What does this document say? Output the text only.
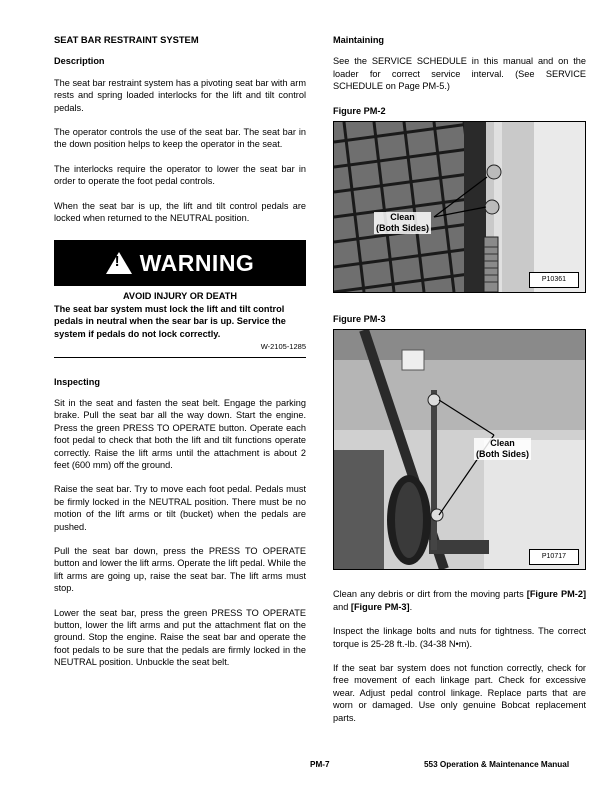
SEAT BAR RESTRAINT SYSTEM
Description

The seat bar restraint system has a pivoting seat bar with arm rests and spring loaded interlocks for the lift and tilt control pedals.

The operator controls the use of the seat bar. The seat bar in the down position helps to keep the operator in the seat.

The interlocks require the operator to lower the seat bar in order to operate the foot pedal controls.

When the seat bar is up, the lift and tilt control pedals are locked when returned to the NEUTRAL position.

! WARNING
AVOID INJURY OR DEATH
The seat bar system must lock the lift and tilt control pedals in neutral when the sear bar is up. Service the system if pedals do not lock correctly.
W-2105-1285
Inspecting

Sit in the seat and fasten the seat belt. Engage the parking brake. Pull the seat bar all the way down. Start the engine. Press the green PRESS TO OPERATE button. Operate each foot pedal to check that both the lift and tilt functions operate correctly. Raise the lift arms until the attachment is about 2 feet (600 mm) off the ground.

Raise the seat bar. Try to move each foot pedal. Pedals must be firmly locked in the NEUTRAL position. There must be no motion of the lift arms or tilt (bucket) when the pedals are pushed.

Pull the seat bar down, press the PRESS TO OPERATE button and lower the lift arms. Operate the lift pedal. While the lift arms are going up, raise the seat bar. The lift arms must stop.

Lower the seat bar, press the green PRESS TO OPERATE button, lower the lift arms and put the attachment flat on the ground. Stop the engine. Raise the seat bar and operate the foot pedals to be sure that the pedals are firmly locked in the NEUTRAL position. Unbuckle the seat belt.

Maintaining

See the SERVICE SCHEDULE in this manual and on the loader for correct service interval. (See SERVICE SCHEDULE on Page PM-5.)

Figure PM-2
Clean
(Both Sides)
P10361
Figure PM-3
Clean
(Both Sides)
P10717

Clean any debris or dirt from the moving parts [Figure PM-2] and [Figure PM-3].

Inspect the linkage bolts and nuts for tightness. The correct torque is 25-28 ft.-lb. (34-38 N•m).

If the seat bar system does not function correctly, check for free movement of each linkage part. Check for excessive wear. Adjust pedal control linkage. Replace parts that are worn or damaged. Use only genuine Bobcat replacement parts.

PM-7	553 Operation & Maintenance Manual
